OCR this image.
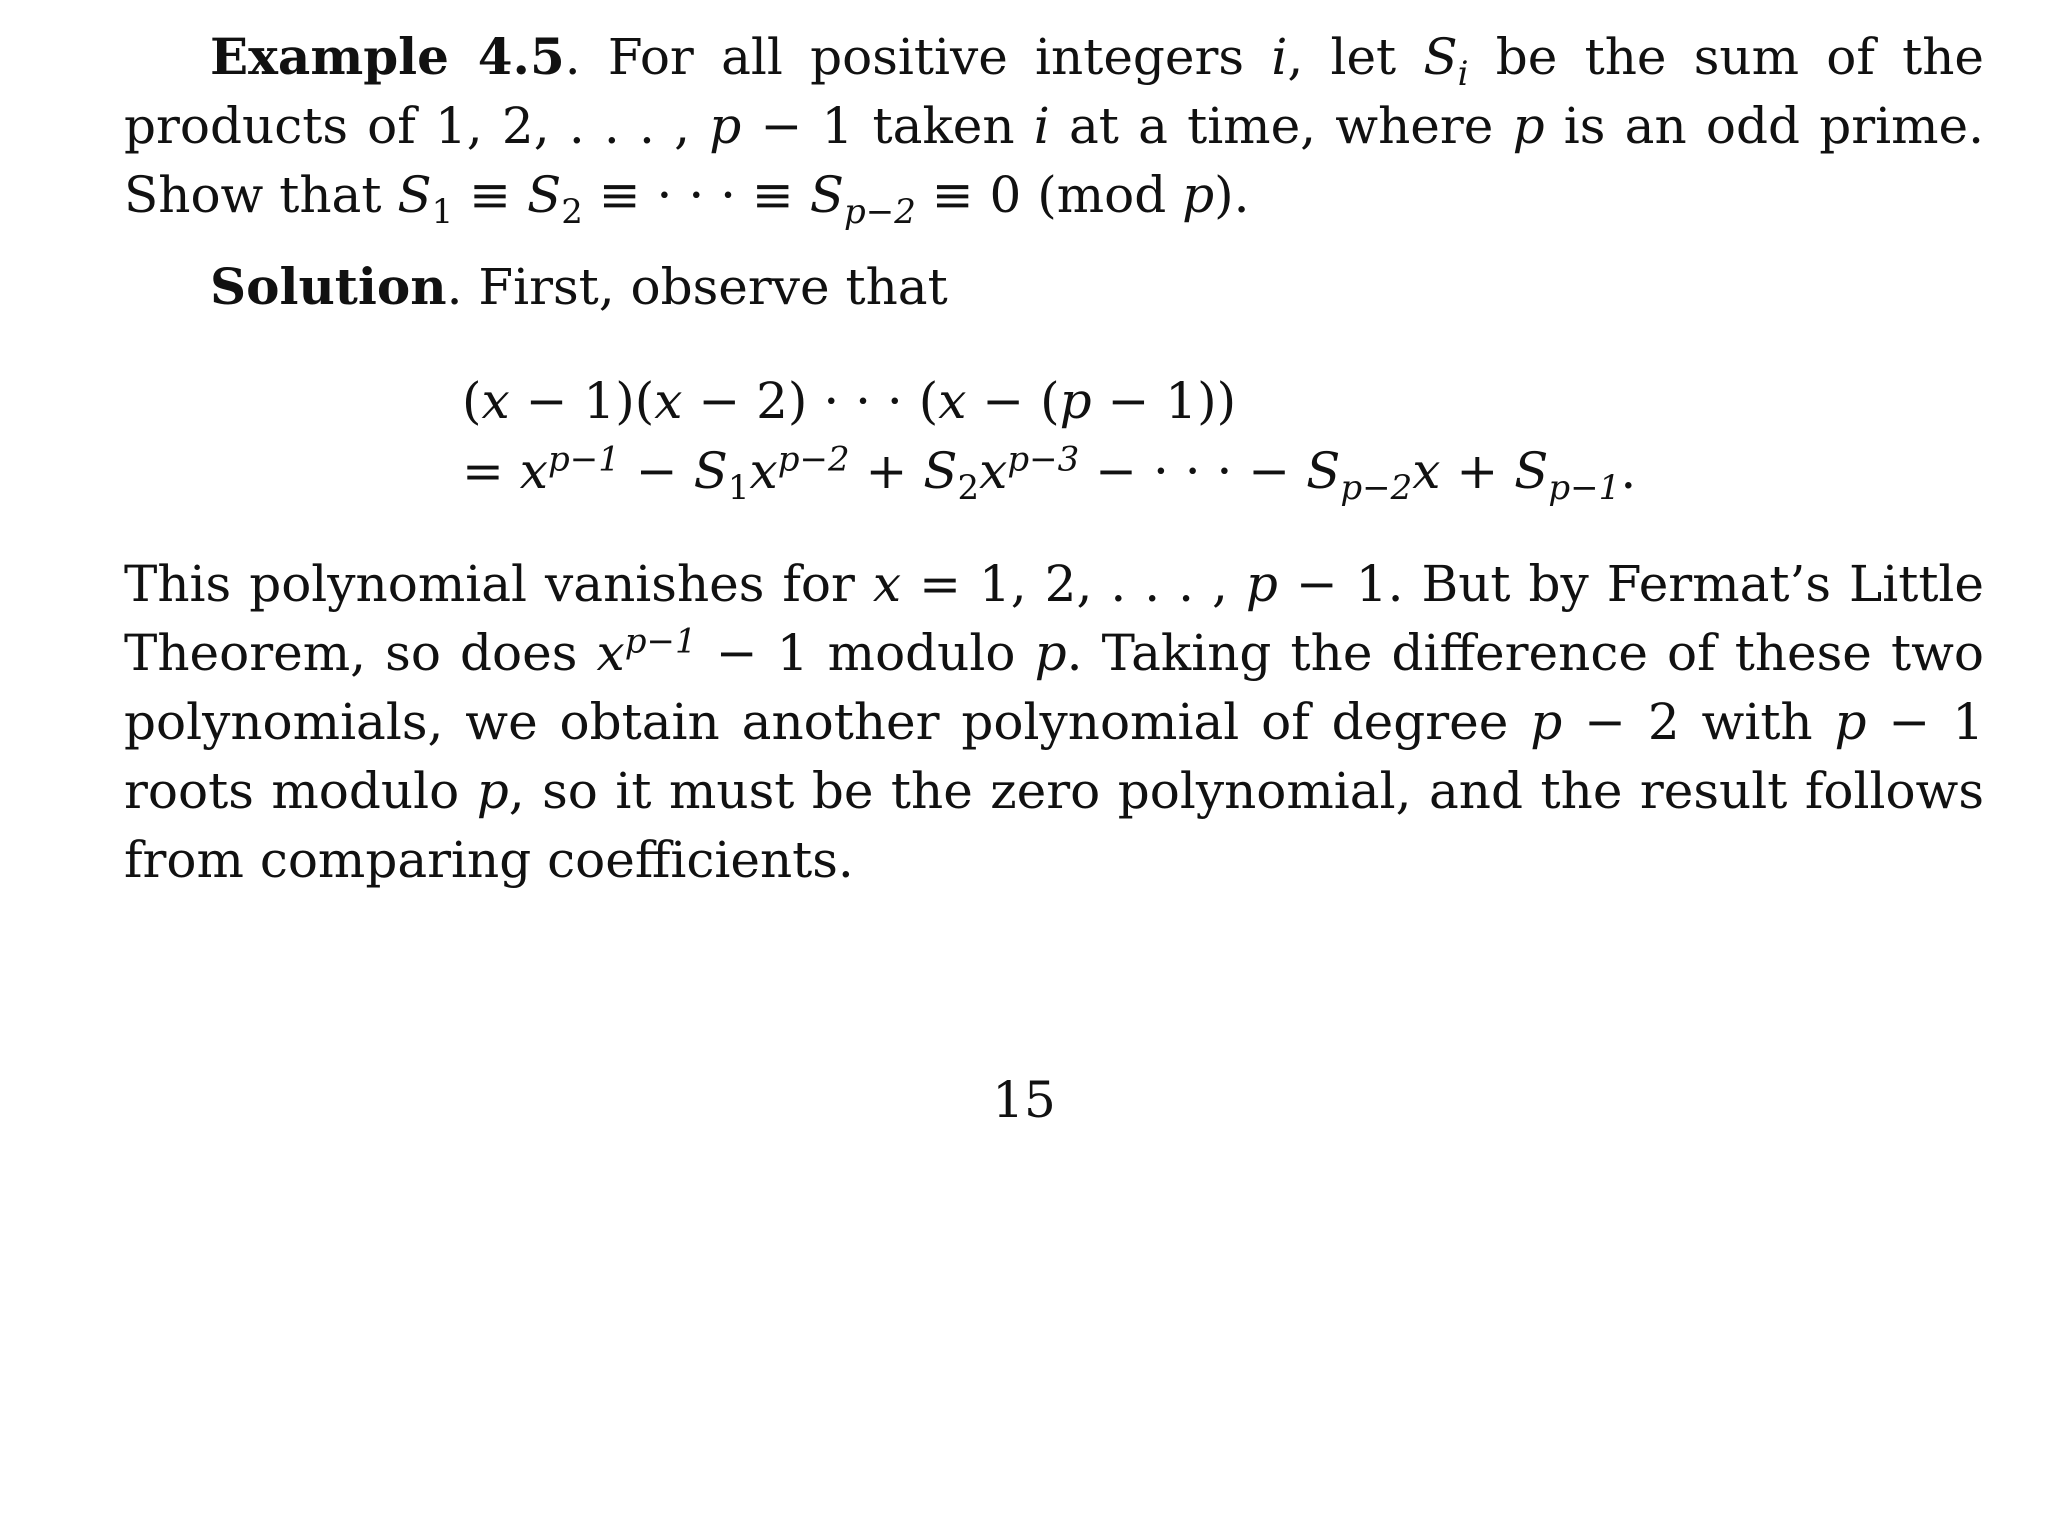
Example 4.5. For all positive integers i, let $S_i$ be the sum of the products of 1, 2, . . . , p − 1 taken i at a time, where p is an odd prime. Show that $S_1 \equiv S_2$ ≡ · · · ≡ $S_{p-2} \equiv 0$ (mod p).

Solution. First, observe that

(x − 1)(x − 2) · · · (x − (p − 1))
= $x^{p-1} - S_1x^{p-2} + S_2x^{p-3}$ − · · · − $S_{p-2}x + S_{p-1}$.

This polynomial vanishes for x = 1, 2, . . . , p − 1. But by Fermat’s Little Theorem, so does $x^{p-1} - 1$ modulo p. Taking the difference of these two polynomials, we obtain another polynomial of degree p − 2 with p − 1 roots modulo p, so it must be the zero polynomial, and the result follows from comparing coefficients.

15
